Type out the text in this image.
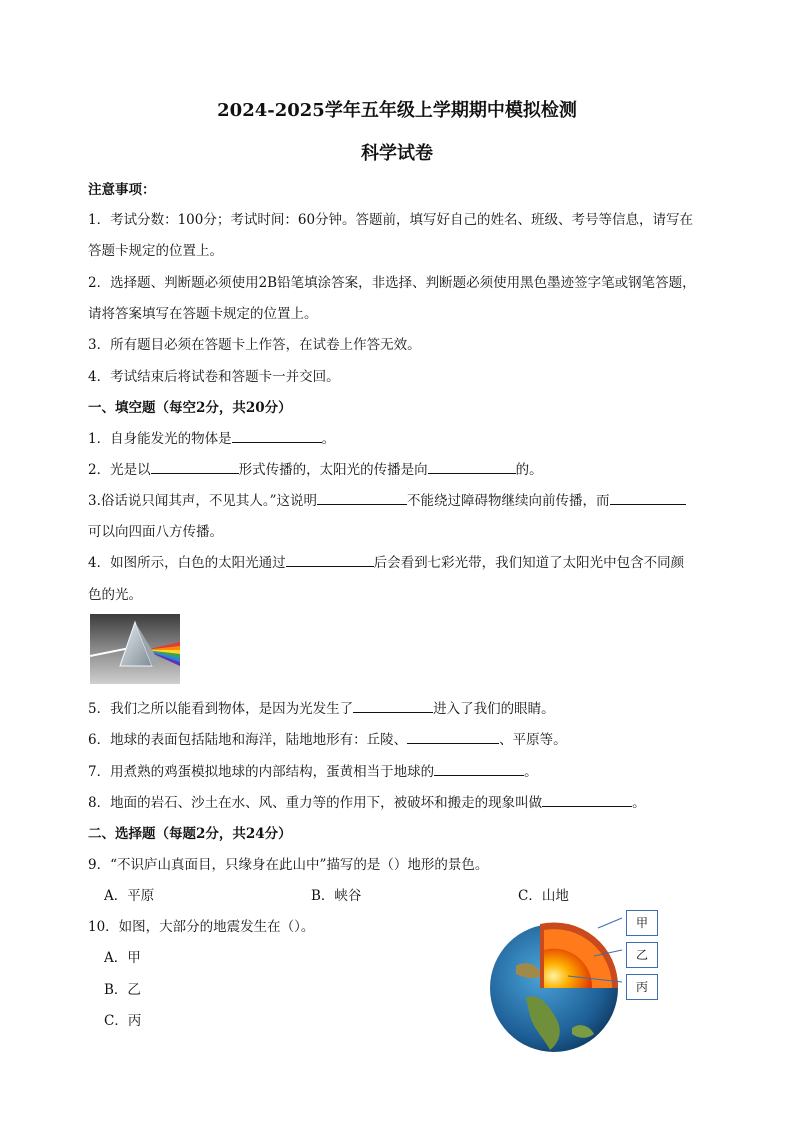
2024-2025学年五年级上学期期中模拟检测
科学试卷
注意事项：
1．考试分数：100分；考试时间：60分钟。答题前，填写好自己的姓名、班级、考号等信息，请写在
答题卡规定的位置上。
2．选择题、判断题必须使用2B铅笔填涂答案，非选择、判断题必须使用黑色墨迹签字笔或钢笔答题，
请将答案填写在答题卡规定的位置上。
3．所有题目必须在答题卡上作答，在试卷上作答无效。
4．考试结束后将试卷和答题卡一并交回。
一、填空题（每空2分，共20分）
1．自身能发光的物体是	。
2．光是以	形式传播的，太阳光的传播是向	的。
3.俗话说只闻其声，不见其人。”这说明	不能绕过障碍物继续向前传播，而
可以向四面八方传播。
4．如图所示，白色的太阳光通过	后会看到七彩光带，我们知道了太阳光中包含不同颜
色的光。
5．我们之所以能看到物体，是因为光发生了	进入了我们的眼睛。
6．地球的表面包括陆地和海洋，陆地地形有：丘陵、	、平原等。
7．用煮熟的鸡蛋模拟地球的内部结构，蛋黄相当于地球的	。
8．地面的岩石、沙土在水、风、重力等的作用下，被破坏和搬走的现象叫做	。
二、选择题（每题2分，共24分）
9．“不识庐山真面目，只缘身在此山中”描写的是（）地形的景色。
A．平原	B．峡谷	C．山地
10．如图，大部分的地震发生在（）。
A．甲
B．乙
C．丙
甲
乙
丙
